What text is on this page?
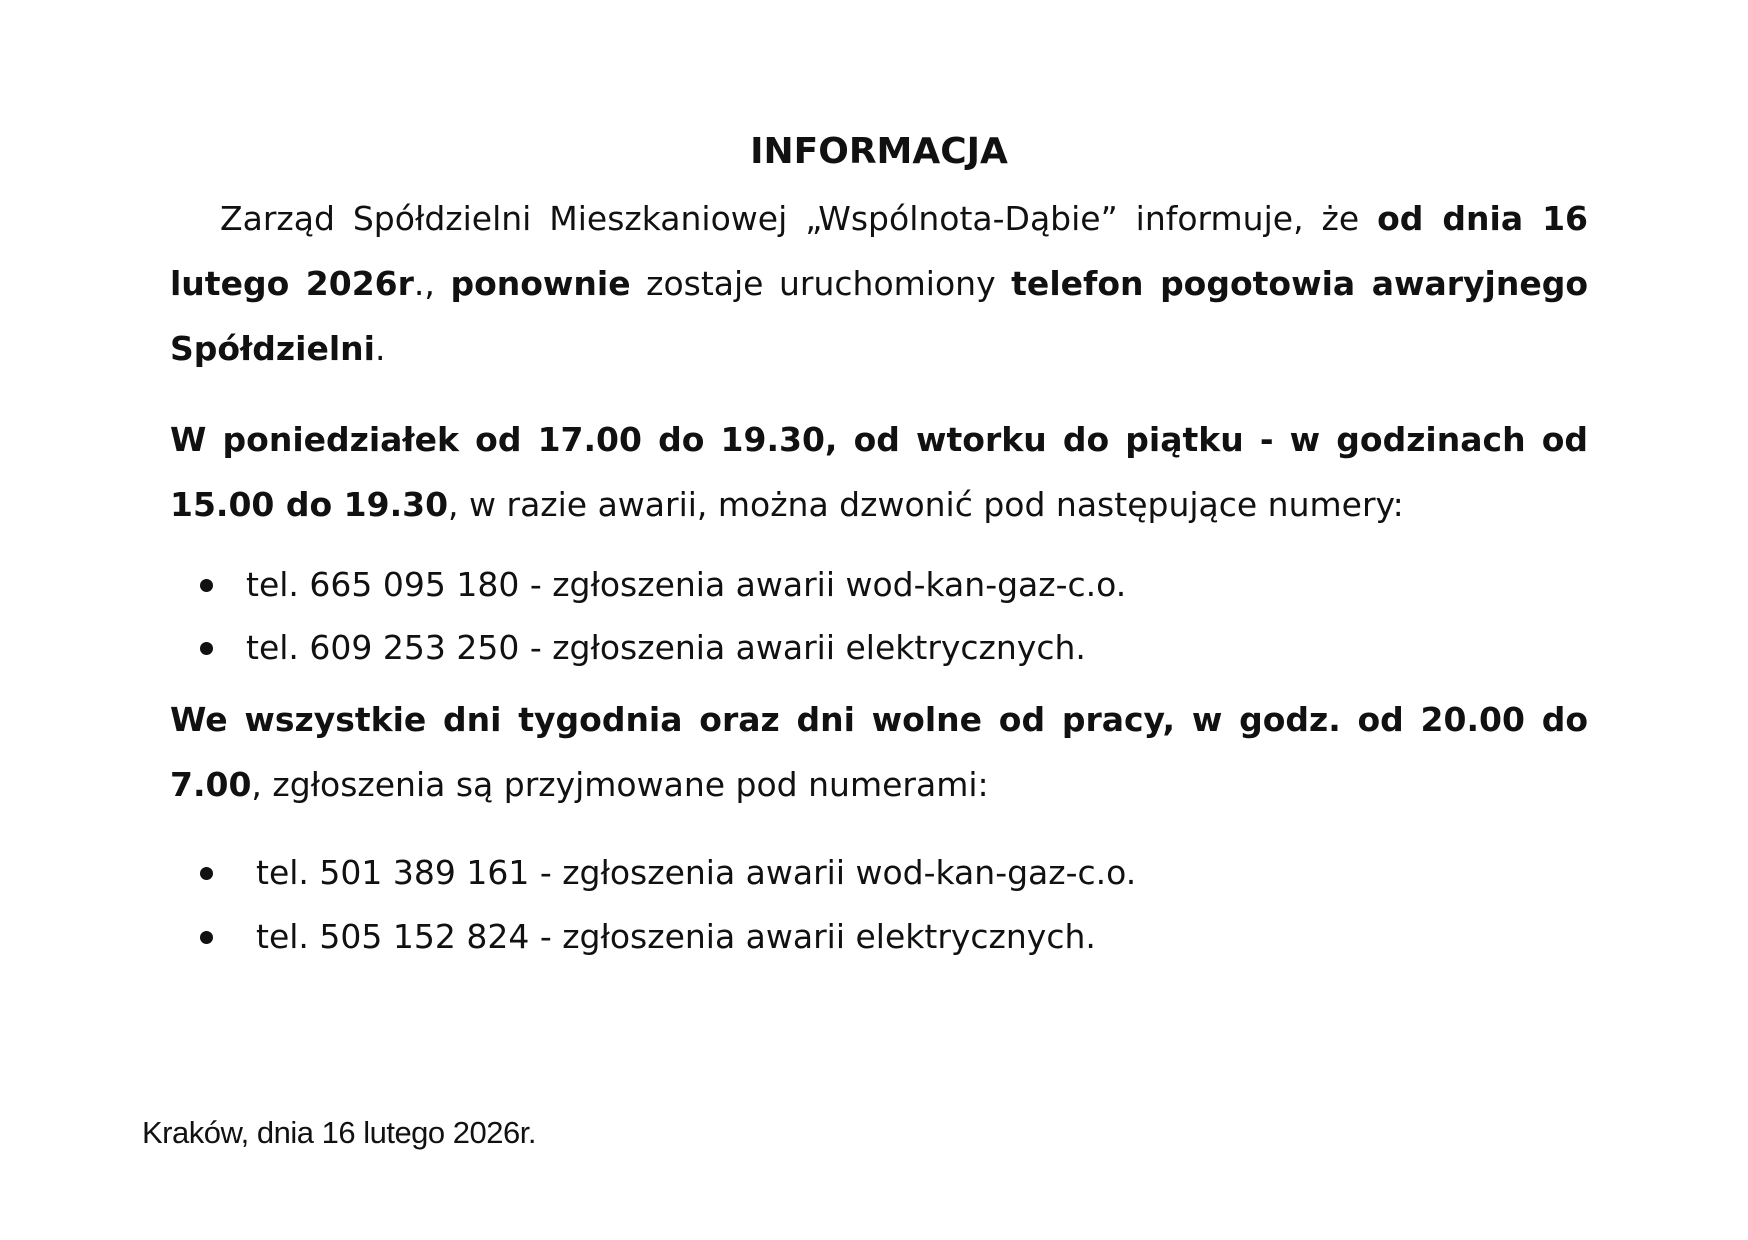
INFORMACJA

Zarząd Spółdzielni Mieszkaniowej „Wspólnota-Dąbie” informuje, że od dnia 16 lutego 2026r., ponownie zostaje uruchomiony telefon pogotowia awaryjnego Spółdzielni.

W poniedziałek od 17.00 do 19.30, od wtorku do piątku - w godzinach od 15.00 do 19.30, w razie awarii, można dzwonić pod następujące numery:

tel. 665 095 180 - zgłoszenia awarii wod-kan-gaz-c.o.
tel. 609 253 250 - zgłoszenia awarii elektrycznych.

We wszystkie dni tygodnia oraz dni wolne od pracy, w godz. od 20.00 do 7.00, zgłoszenia są przyjmowane pod numerami:

tel. 501 389 161 - zgłoszenia awarii wod-kan-gaz-c.o.
tel. 505 152 824 - zgłoszenia awarii elektrycznych.
Kraków, dnia 16 lutego 2026r.
